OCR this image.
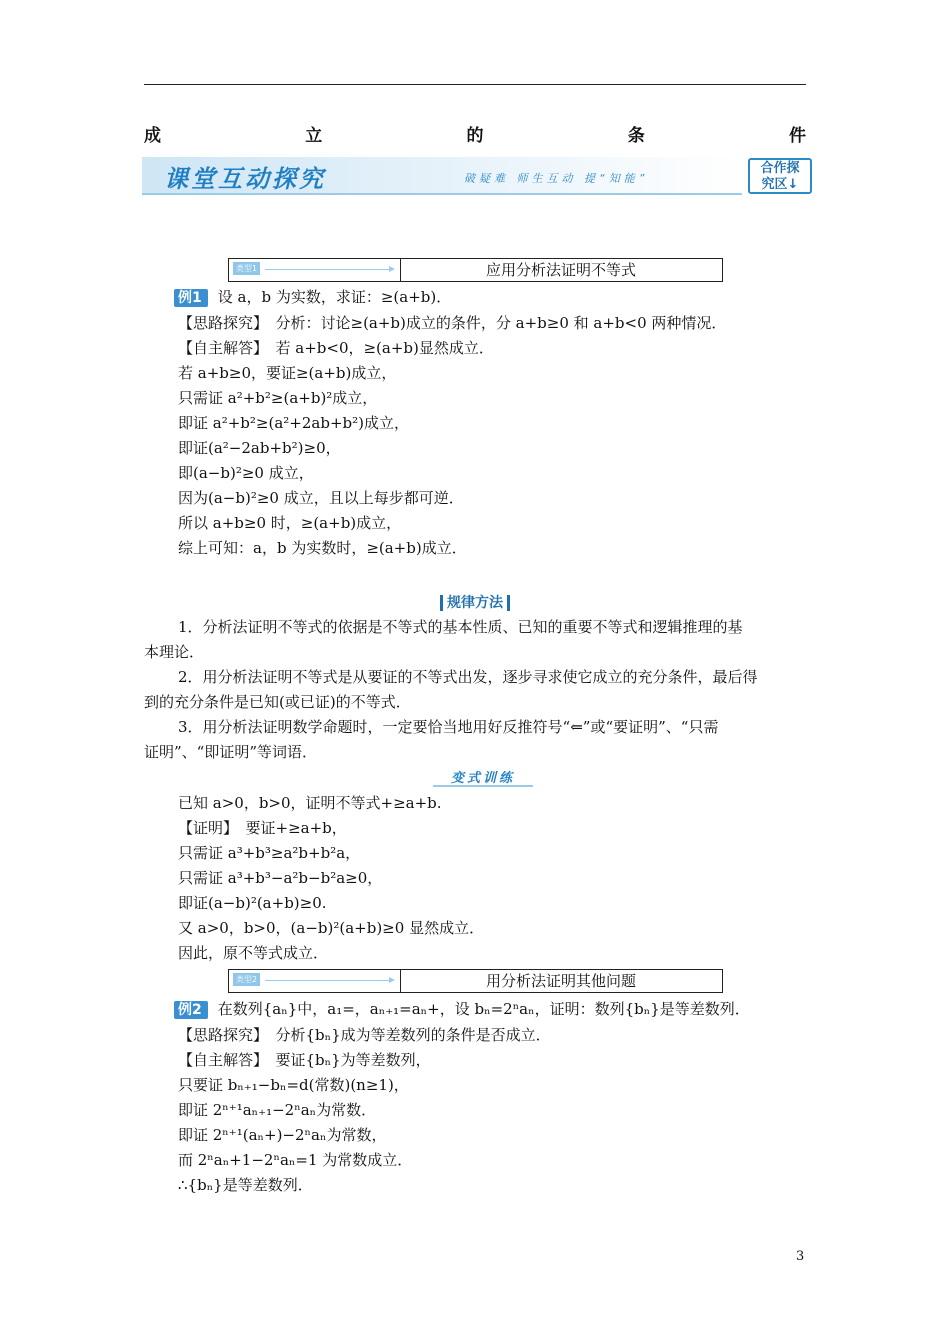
成	立	的	条	件
课堂互动探究	破疑难 师生互动 提“知能”
合作探
究区↓
类型1	应用分析法证明不等式
例1 设 a，b 为实数，求证：≥(a+b)．
【思路探究】　分析：讨论≥(a+b)成立的条件，分 a+b≥0 和 a+b<0 两种情况．
【自主解答】　若 a+b<0，≥(a+b)显然成立．
若 a+b≥0，要证≥(a+b)成立，
只需证 a²+b²≥(a+b)²成立，
即证 a²+b²≥(a²+2ab+b²)成立，
即证(a²−2ab+b²)≥0，
即(a−b)²≥0 成立，
因为(a−b)²≥0 成立，且以上每步都可逆．
所以 a+b≥0 时，≥(a+b)成立，
综上可知：a，b 为实数时，≥(a+b)成立．
规律方法
1．分析法证明不等式的依据是不等式的基本性质、已知的重要不等式和逻辑推理的基
本理论．
2．用分析法证明不等式是从要证的不等式出发，逐步寻求使它成立的充分条件，最后得
到的充分条件是已知(或已证)的不等式．
3．用分析法证明数学命题时，一定要恰当地用好反推符号“⇐”或“要证明”、“只需
证明”、“即证明”等词语．
变式训练
已知 a>0，b>0，证明不等式+≥a+b.
【证明】　要证+≥a+b，
只需证 a³+b³≥a²b+b²a，
只需证 a³+b³−a²b−b²a≥0，
即证(a−b)²(a+b)≥0.
又 a>0，b>0，(a−b)²(a+b)≥0 显然成立．
因此，原不等式成立．
类型2	用分析法证明其他问题
例2 在数列{aₙ}中，a₁=，aₙ₊₁=aₙ+，设 bₙ=2ⁿaₙ，证明：数列{bₙ}是等差数列．
【思路探究】　分析{bₙ}成为等差数列的条件是否成立．
【自主解答】　要证{bₙ}为等差数列，
只要证 bₙ₊₁−bₙ=d(常数)(n≥1)，
即证 2ⁿ⁺¹aₙ₊₁−2ⁿaₙ为常数．
即证 2ⁿ⁺¹(aₙ+)−2ⁿaₙ为常数，
而 2ⁿaₙ+1−2ⁿaₙ=1 为常数成立．
∴{bₙ}是等差数列．
3
